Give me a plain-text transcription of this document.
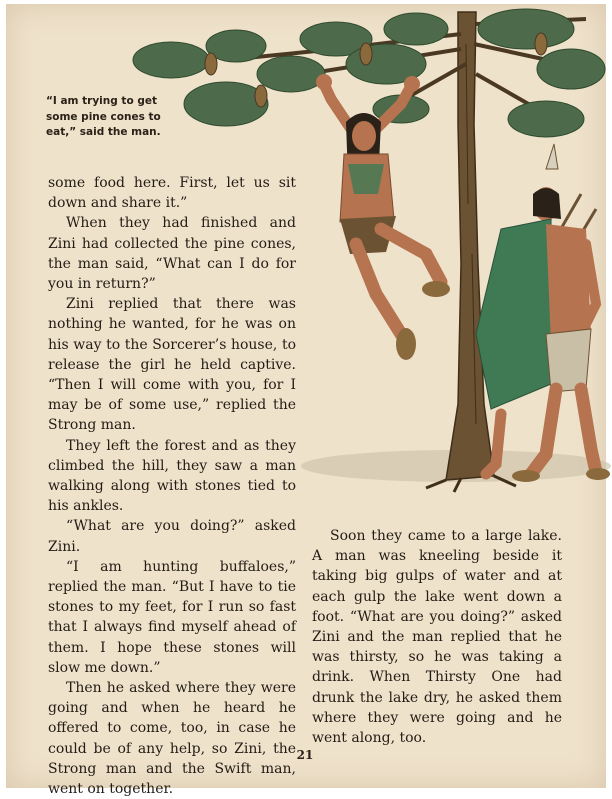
“I am trying to get some pine cones to eat,” said the man.

some food here. First, let us sit down and share it.”

When they had finished and Zini had collected the pine cones, the man said, “What can I do for you in return?”

Zini replied that there was nothing he wanted, for he was on his way to the Sorcerer’s house, to release the girl he held captive. “Then I will come with you, for I may be of some use,” replied the Strong man.

They left the forest and as they climbed the hill, they saw a man walking along with stones tied to his ankles.

“What are you doing?” asked Zini.

“I am hunting buffaloes,” replied the man. “But I have to tie stones to my feet, for I run so fast that I always find myself ahead of them. I hope these stones will slow me down.”

Then he asked where they were going and when he heard he offered to come, too, in case he could be of any help, so Zini, the Strong man and the Swift man, went on together.

Soon they came to a large lake. A man was kneeling beside it taking big gulps of water and at each gulp the lake went down a foot. “What are you doing?” asked Zini and the man replied that he was thirsty, so he was taking a drink. When Thirsty One had drunk the lake dry, he asked them where they were going and he went along, too.

21
